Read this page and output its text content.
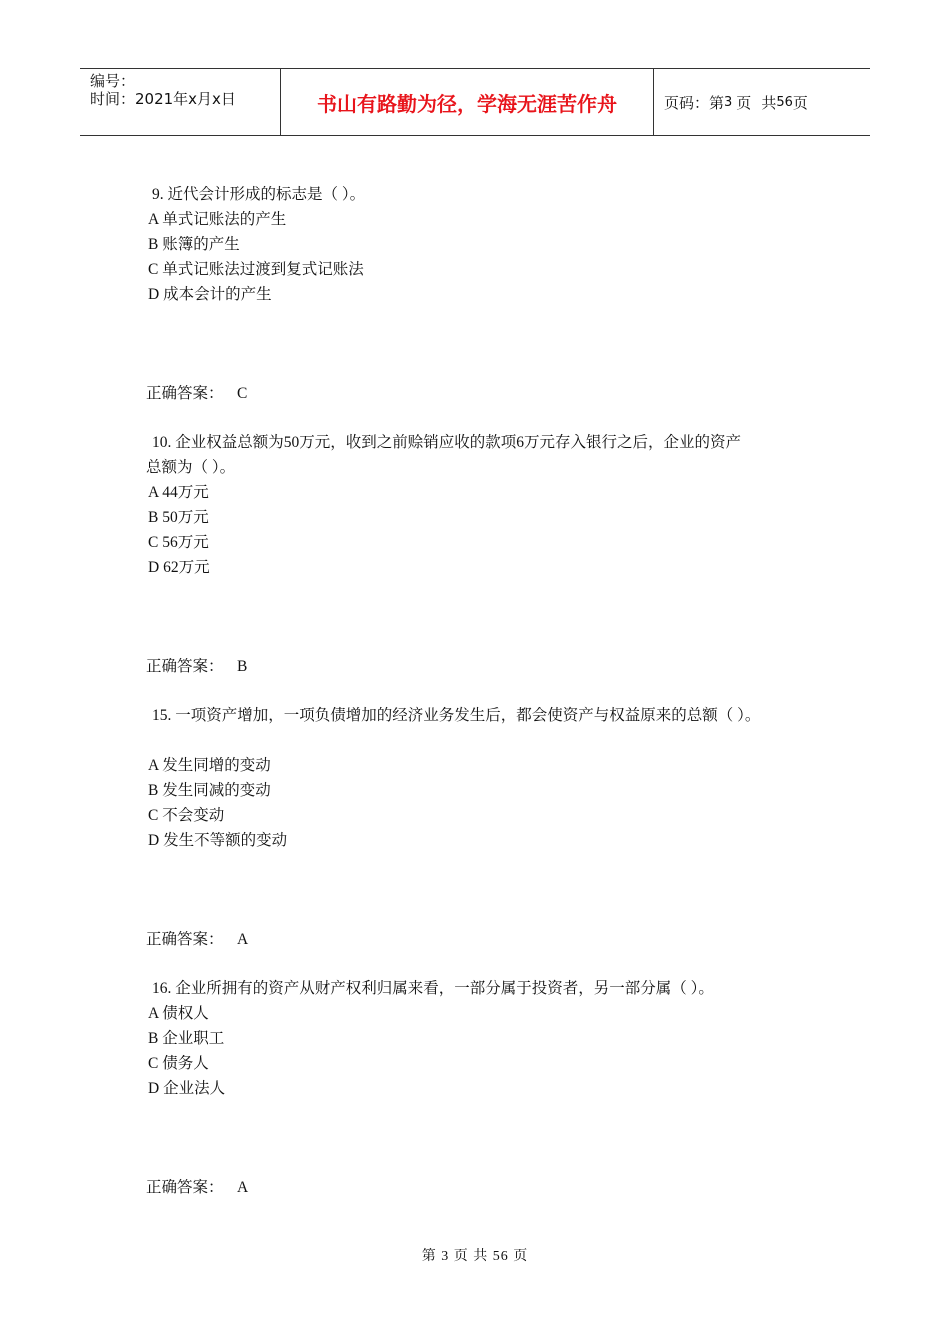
编号：
时间：2021年x月x日	书山有路勤为径，学海无涯苦作舟	页码：第 3 页 共 56 页
9. 近代会计形成的标志是（ ）。
A 单式记账法的产生
B 账簿的产生
C 单式记账法过渡到复式记账法
D 成本会计的产生
正确答案： C
10. 企业权益总额为50万元，收到之前赊销应收的款项6万元存入银行之后，企业的资产
总额为（ ）。
A 44万元
B 50万元
C 56万元
D 62万元
正确答案： B
15. 一项资产增加，一项负债增加的经济业务发生后，都会使资产与权益原来的总额（ ）。
A 发生同增的变动
B 发生同减的变动
C 不会变动
D 发生不等额的变动
正确答案： A
16. 企业所拥有的资产从财产权利归属来看，一部分属于投资者，另一部分属（ ）。
A 债权人
B 企业职工
C 债务人
D 企业法人
正确答案： A
第 3 页 共 56 页
